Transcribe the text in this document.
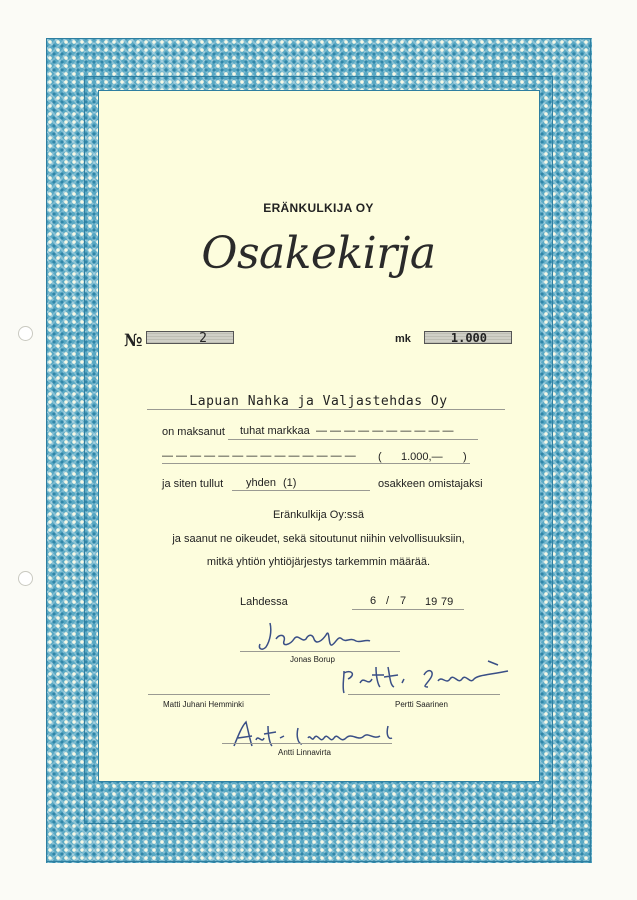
ERÄNKULKIJA OY
Osakekirja
№	2	mk	1.000
Lapuan Nahka ja Valjastehdas Oy
on maksanut tuhat markkaa — — — — — — — — — —
— — — — — — — — — — — — — — ( 1.000,— )
ja siten tullut yhden (1)	osakkeen omistajaksi
Eränkulkija Oy:ssä
ja saanut ne oikeudet, sekä sitoutunut niihin velvollisuuksiin,
mitkä yhtiön yhtiöjärjestys tarkemmin määrää.
Lahdessa	6 / 7 19 79
Jonas Borup
Pertti Saarinen
Matti Juhani Hemminki
Antti Linnavirta
